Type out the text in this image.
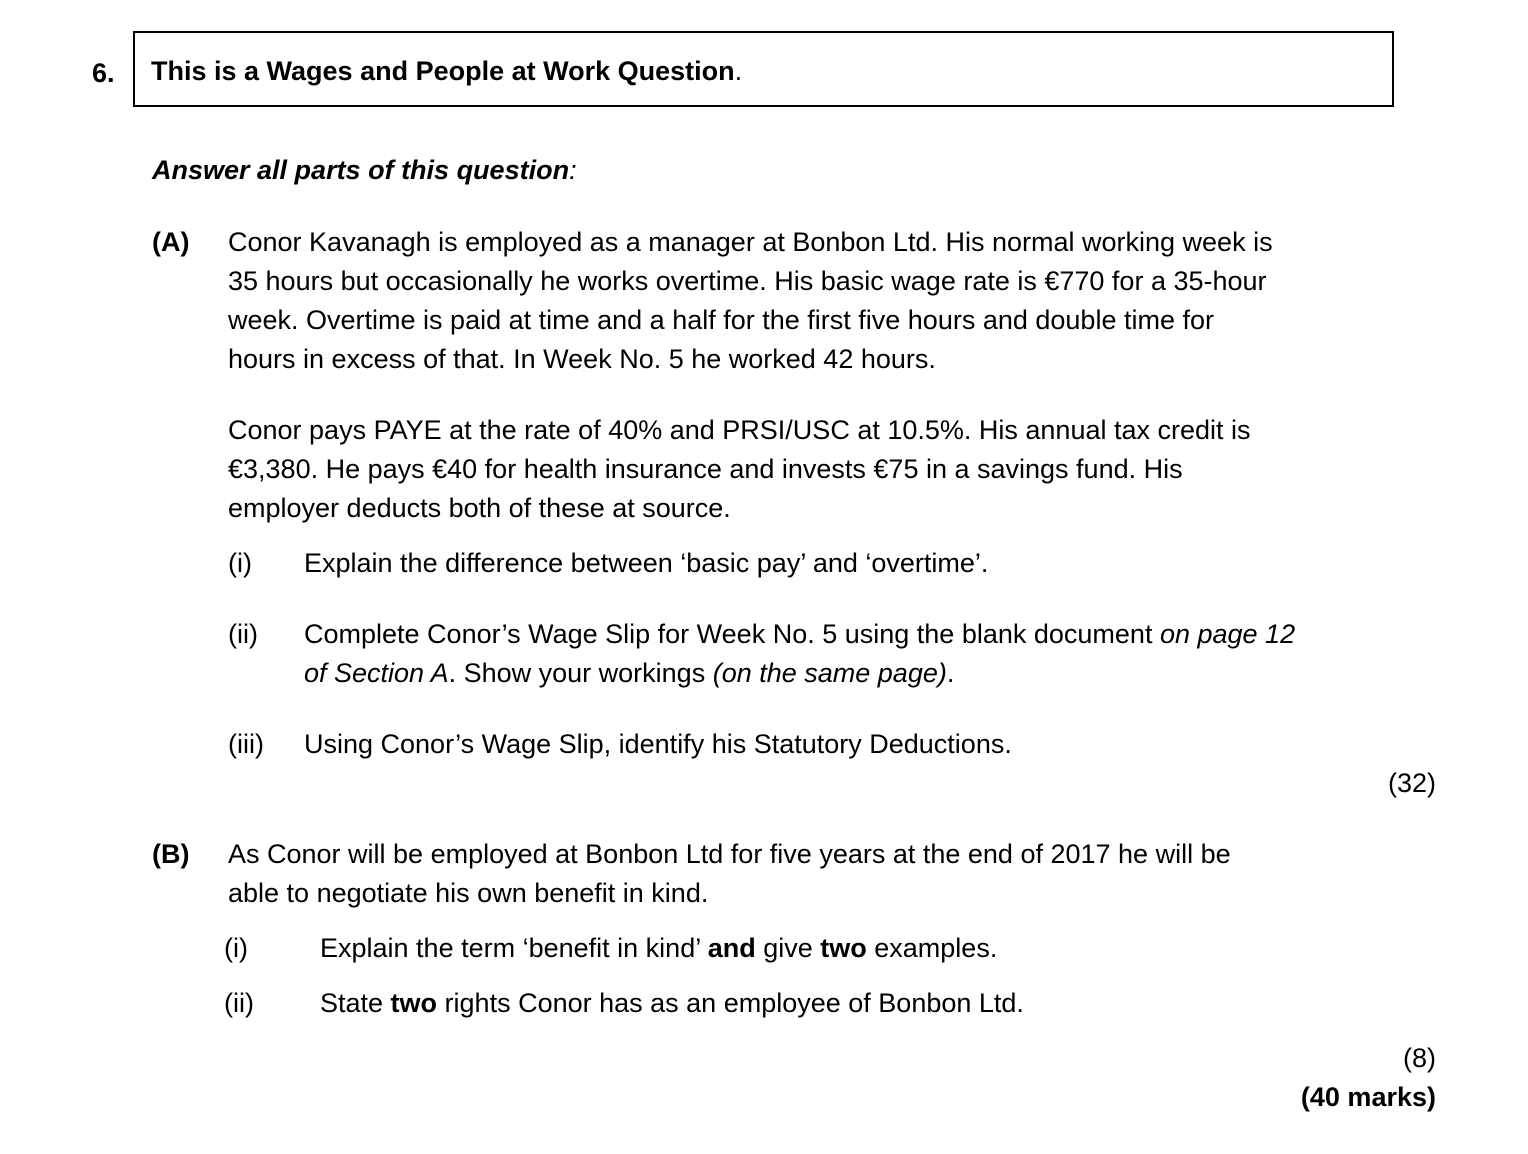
6. This is a Wages and People at Work Question.
Answer all parts of this question:
(A) Conor Kavanagh is employed as a manager at Bonbon Ltd. His normal working week is
35 hours but occasionally he works overtime. His basic wage rate is €770 for a 35-hour
week. Overtime is paid at time and a half for the first five hours and double time for
hours in excess of that. In Week No. 5 he worked 42 hours.
Conor pays PAYE at the rate of 40% and PRSI/USC at 10.5%. His annual tax credit is
€3,380. He pays €40 for health insurance and invests €75 in a savings fund. His
employer deducts both of these at source.
(i) Explain the difference between ‘basic pay’ and ‘overtime’.
(ii) Complete Conor’s Wage Slip for Week No. 5 using the blank document on page 12
of Section A. Show your workings (on the same page).
(iii) Using Conor’s Wage Slip, identify his Statutory Deductions.
(32)
(B) As Conor will be employed at Bonbon Ltd for five years at the end of 2017 he will be
able to negotiate his own benefit in kind.
(i)	Explain the term ‘benefit in kind’ and give two examples.
(ii) State two rights Conor has as an employee of Bonbon Ltd.
(8)
(40 marks)
